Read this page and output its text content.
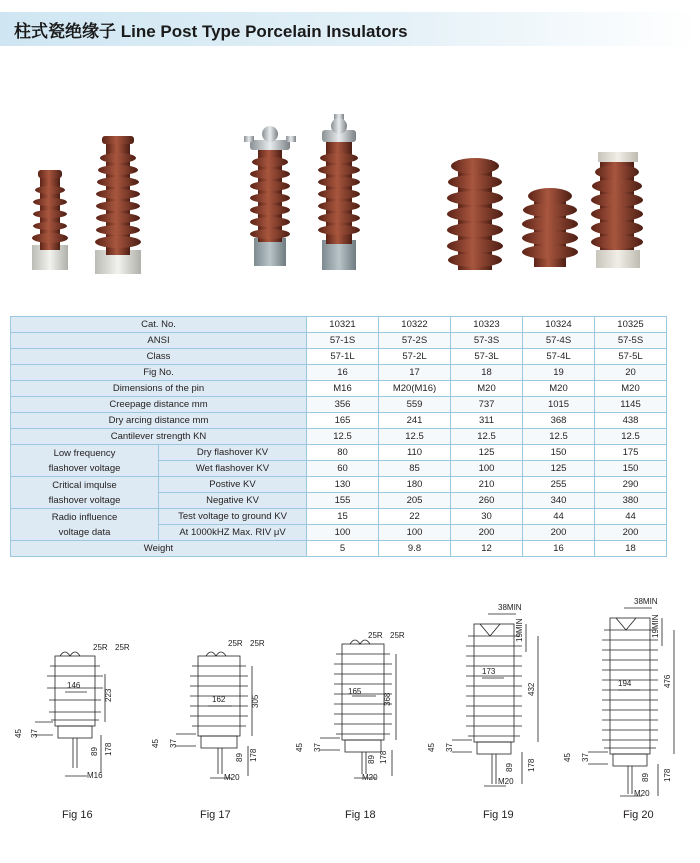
柱式瓷绝缘子 Line Post Type Porcelain Insulators
Cat. No.		10321	10322	10323	10324	10325
ANSI		57-1S	57-2S	57-3S	57-4S	57-5S
Class		57-1L	57-2L	57-3L	57-4L	57-5L
Fig No.		16	17	18	19	20
Dimensions of the pin		M16	M20(M16)	M20	M20	M20
Creepage distance mm		356	559	737	1015	1145
Dry arcing distance mm		165	241	311	368	438
Cantilever strength KN		12.5	12.5	12.5	12.5	12.5

Low frequency
flashover voltage	Dry flashover KV	80	110	125	150	175
	Wet flashover KV	60	85	100	125	150

Critical imqulse
flashover voltage	Postive KV	130	180	210	255	290
	Negative KV	155	205	260	340	380

Radio influence
voltage data	Test voltage to ground KV	15	22	30	44	44
	At 1000kHZ Max. RIV μV	100	100	200	200	200
Weight		5	9.8	12	16	18
146
223
25R 25R
45 37
89 178
M16
162	305
25R 25R
45 37
89 178
M20
165
368
25R 25R
45 37
89 178
M20
38MIN
19MIN
173
432
45 37
89 178
M20
38MIN
19MIN
194	476
45 37
89 178
M20
Fig 16	Fig 17	Fig 18	Fig 19	Fig 20
